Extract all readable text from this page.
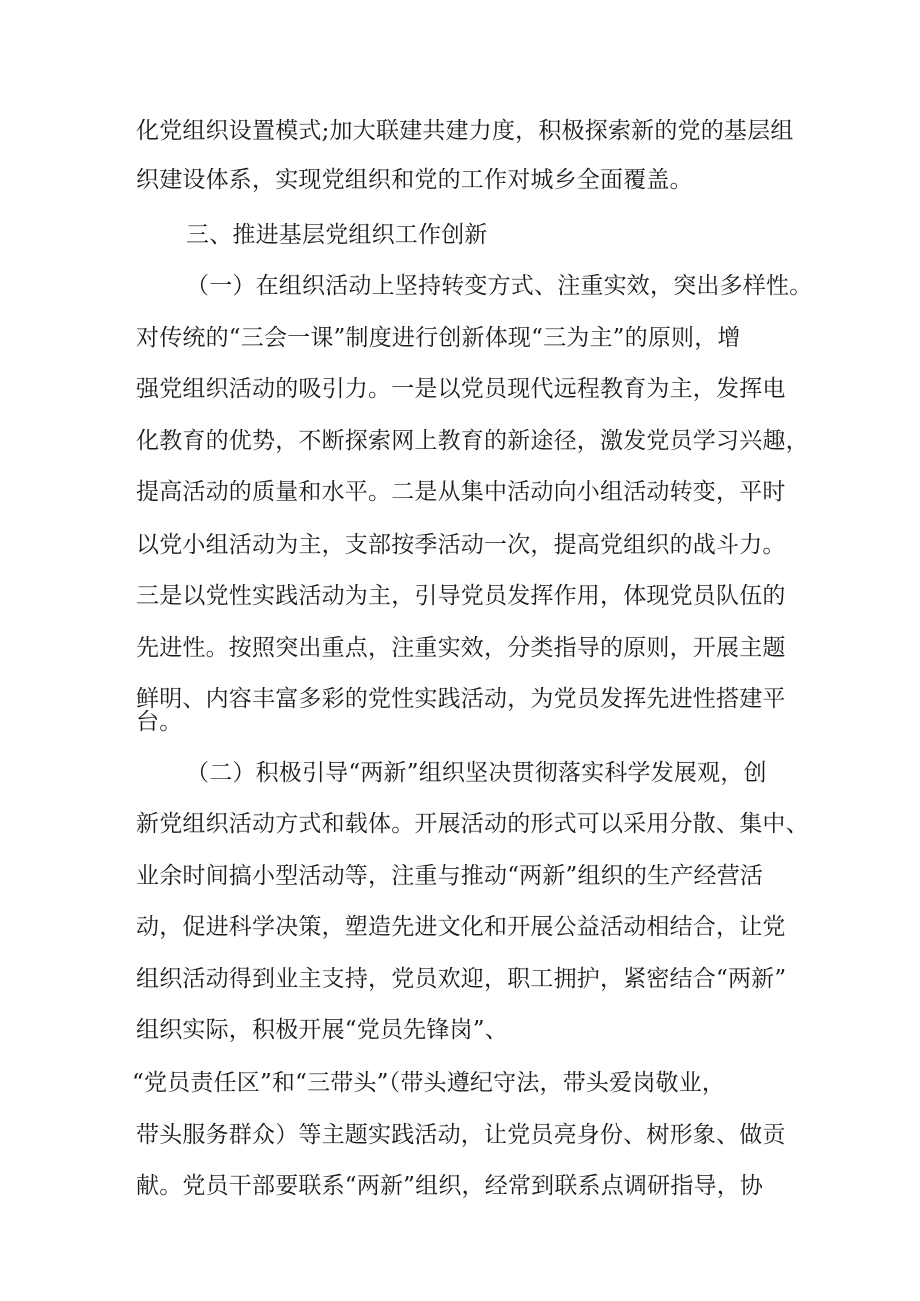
化党组织设置模式;加大联建共建力度，积极探索新的党的基层组
织建设体系，实现党组织和党的工作对城乡全面覆盖。
三、推进基层党组织工作创新
（一）在组织活动上坚持转变方式、注重实效，突出多样性。
对传统的“三会一课”制度进行创新体现“三为主”的原则，增
强党组织活动的吸引力。一是以党员现代远程教育为主，发挥电
化教育的优势，不断探索网上教育的新途径，激发党员学习兴趣，
提高活动的质量和水平。二是从集中活动向小组活动转变，平时
以党小组活动为主，支部按季活动一次，提高党组织的战斗力。
三是以党性实践活动为主，引导党员发挥作用，体现党员队伍的
先进性。按照突出重点，注重实效，分类指导的原则，开展主题
鲜明、内容丰富多彩的党性实践活动，为党员发挥先进性搭建平
台。
（二）积极引导“两新”组织坚决贯彻落实科学发展观，创
新党组织活动方式和载体。开展活动的形式可以采用分散、集中、
业余时间搞小型活动等，注重与推动“两新”组织的生产经营活
动，促进科学决策，塑造先进文化和开展公益活动相结合，让党
组织活动得到业主支持，党员欢迎，职工拥护，紧密结合“两新”
组织实际，积极开展“党员先锋岗”、
“党员责任区”和“三带头”（带头遵纪守法，带头爱岗敬业，
带头服务群众）等主题实践活动，让党员亮身份、树形象、做贡
献。党员干部要联系“两新”组织，经常到联系点调研指导，协
